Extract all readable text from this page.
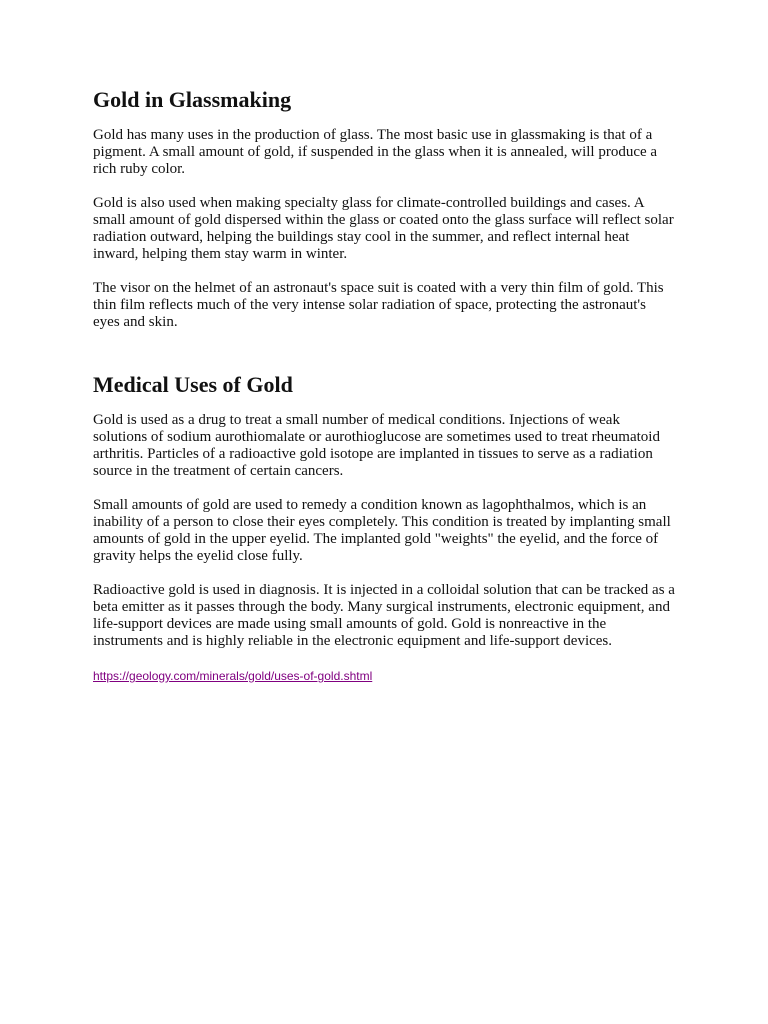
Gold in Glassmaking

Gold has many uses in the production of glass. The most basic use in glassmaking is that of a pigment. A small amount of gold, if suspended in the glass when it is annealed, will produce a rich ruby color.

Gold is also used when making specialty glass for climate-controlled buildings and cases. A small amount of gold dispersed within the glass or coated onto the glass surface will reflect solar radiation outward, helping the buildings stay cool in the summer, and reflect internal heat inward, helping them stay warm in winter.

The visor on the helmet of an astronaut's space suit is coated with a very thin film of gold. This thin film reflects much of the very intense solar radiation of space, protecting the astronaut's eyes and skin.

Medical Uses of Gold

Gold is used as a drug to treat a small number of medical conditions. Injections of weak solutions of sodium aurothiomalate or aurothioglucose are sometimes used to treat rheumatoid arthritis. Particles of a radioactive gold isotope are implanted in tissues to serve as a radiation source in the treatment of certain cancers.

Small amounts of gold are used to remedy a condition known as lagophthalmos, which is an inability of a person to close their eyes completely. This condition is treated by implanting small amounts of gold in the upper eyelid. The implanted gold "weights" the eyelid, and the force of gravity helps the eyelid close fully.

Radioactive gold is used in diagnosis. It is injected in a colloidal solution that can be tracked as a beta emitter as it passes through the body. Many surgical instruments, electronic equipment, and life-support devices are made using small amounts of gold. Gold is nonreactive in the instruments and is highly reliable in the electronic equipment and life-support devices.

https://geology.com/minerals/gold/uses-of-gold.shtml
